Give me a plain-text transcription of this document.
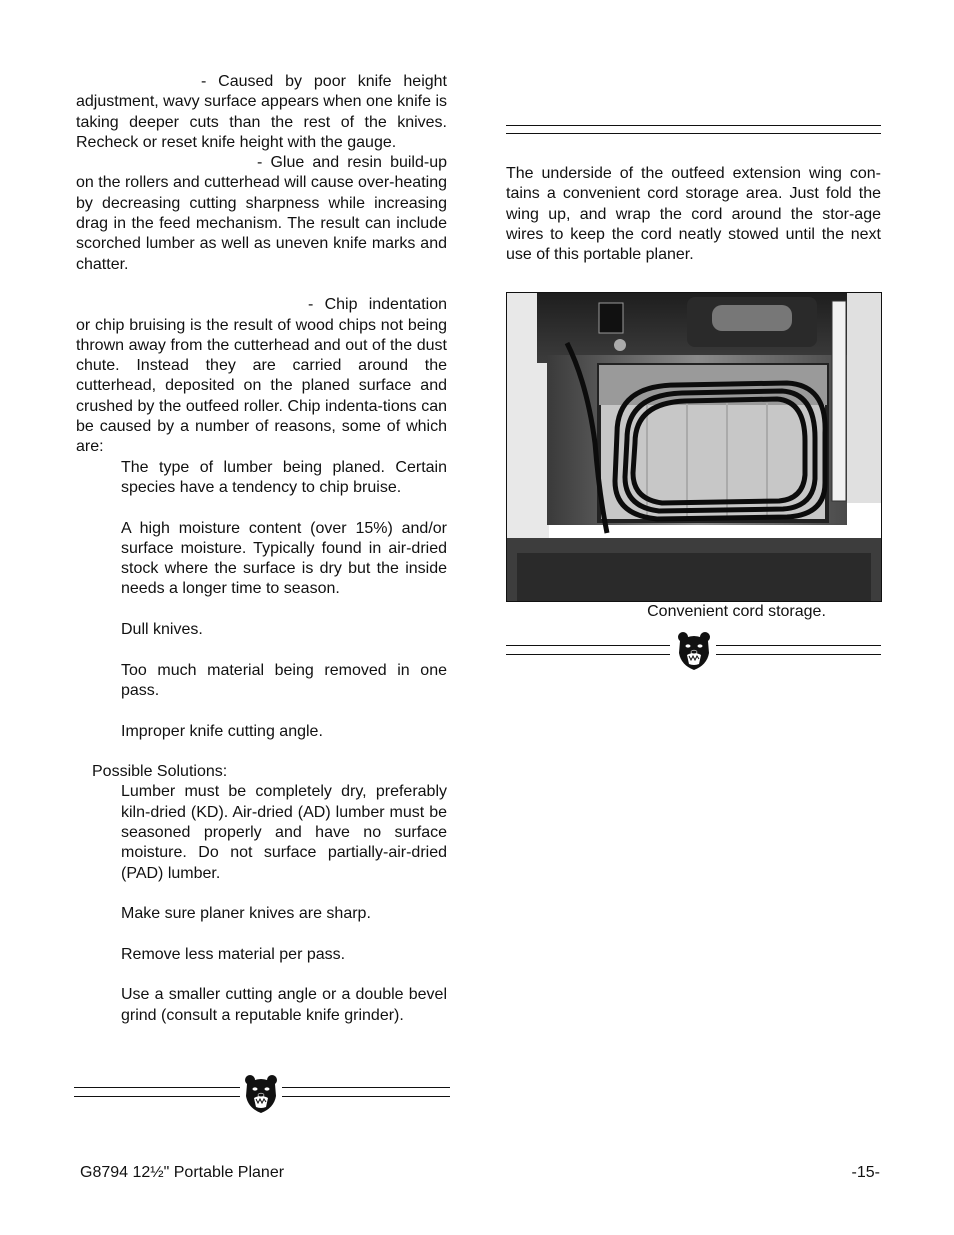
- Caused by poor knife height adjustment, wavy surface appears when one knife is taking deeper cuts than the rest of the knives. Recheck or reset knife height with the gauge.

- Glue and resin build-up on the rollers and cutterhead will cause over-heating by decreasing cutting sharpness while increasing drag in the feed mechanism. The result can include scorched lumber as well as uneven knife marks and chatter.

- Chip indentation or chip bruising is the result of wood chips not being thrown away from the cutterhead and out of the dust chute. Instead they are carried around the cutterhead, deposited on the planed surface and crushed by the outfeed roller. Chip indenta-tions can be caused by a number of reasons, some of which are:

The type of lumber being planed. Certain species have a tendency to chip bruise.

A high moisture content (over 15%) and/or surface moisture. Typically found in air-dried stock where the surface is dry but the inside needs a longer time to season.

Dull knives.

Too much material being removed in one pass.

Improper knife cutting angle.

Possible Solutions:

Lumber must be completely dry, preferably kiln-dried (KD). Air-dried (AD) lumber must be seasoned properly and have no surface moisture. Do not surface partially-air-dried (PAD) lumber.

Make sure planer knives are sharp.

Remove less material per pass.

Use a smaller cutting angle or a double bevel grind (consult a reputable knife grinder).

The underside of the outfeed extension wing con-tains a convenient cord storage area. Just fold the wing up, and wrap the cord around the stor-age wires to keep the cord neatly stowed until the next use of this portable planer.

Convenient cord storage.
G8794 12½" Portable Planer	-15-
